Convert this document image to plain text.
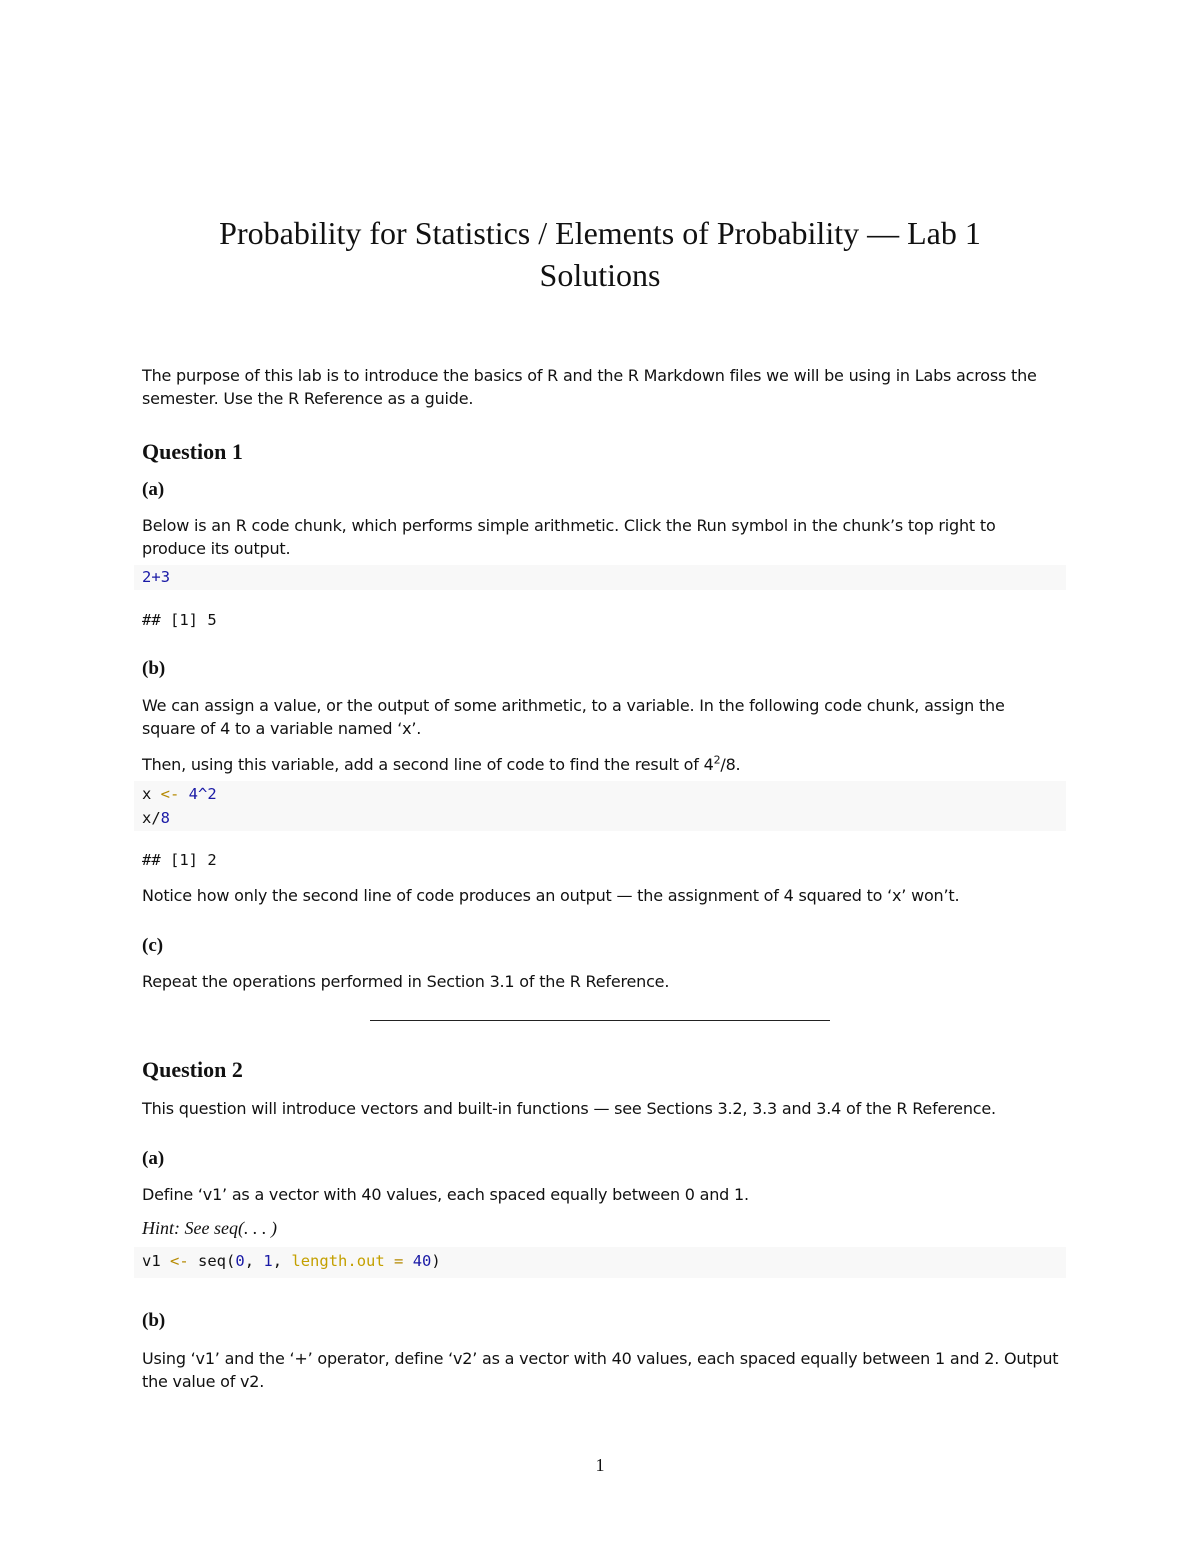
Probability for Statistics / Elements of Probability — Lab 1
Solutions

The purpose of this lab is to introduce the basics of R and the R Markdown files we will be using in Labs across the semester. Use the R Reference as a guide.

Question 1
(a)

Below is an R code chunk, which performs simple arithmetic. Click the Run symbol in the chunk’s top right to produce its output.

2+3
## [1] 5
(b)

We can assign a value, or the output of some arithmetic, to a variable. In the following code chunk, assign the square of 4 to a variable named ‘x’.

Then, using this variable, add a second line of code to find the result of $4^2/8$.

x <- 4^2
x/8
## [1] 2

Notice how only the second line of code produces an output — the assignment of 4 squared to ‘x’ won’t.

(c)

Repeat the operations performed in Section 3.1 of the R Reference.

Question 2

This question will introduce vectors and built-in functions — see Sections 3.2, 3.3 and 3.4 of the R Reference.

(a)

Define ‘v1’ as a vector with 40 values, each spaced equally between 0 and 1.

Hint: See seq(. . . )

v1 <- seq(0, 1, length.out = 40)
(b)

Using ‘v1’ and the ‘+’ operator, define ‘v2’ as a vector with 40 values, each spaced equally between 1 and 2. Output the value of v2.

1
